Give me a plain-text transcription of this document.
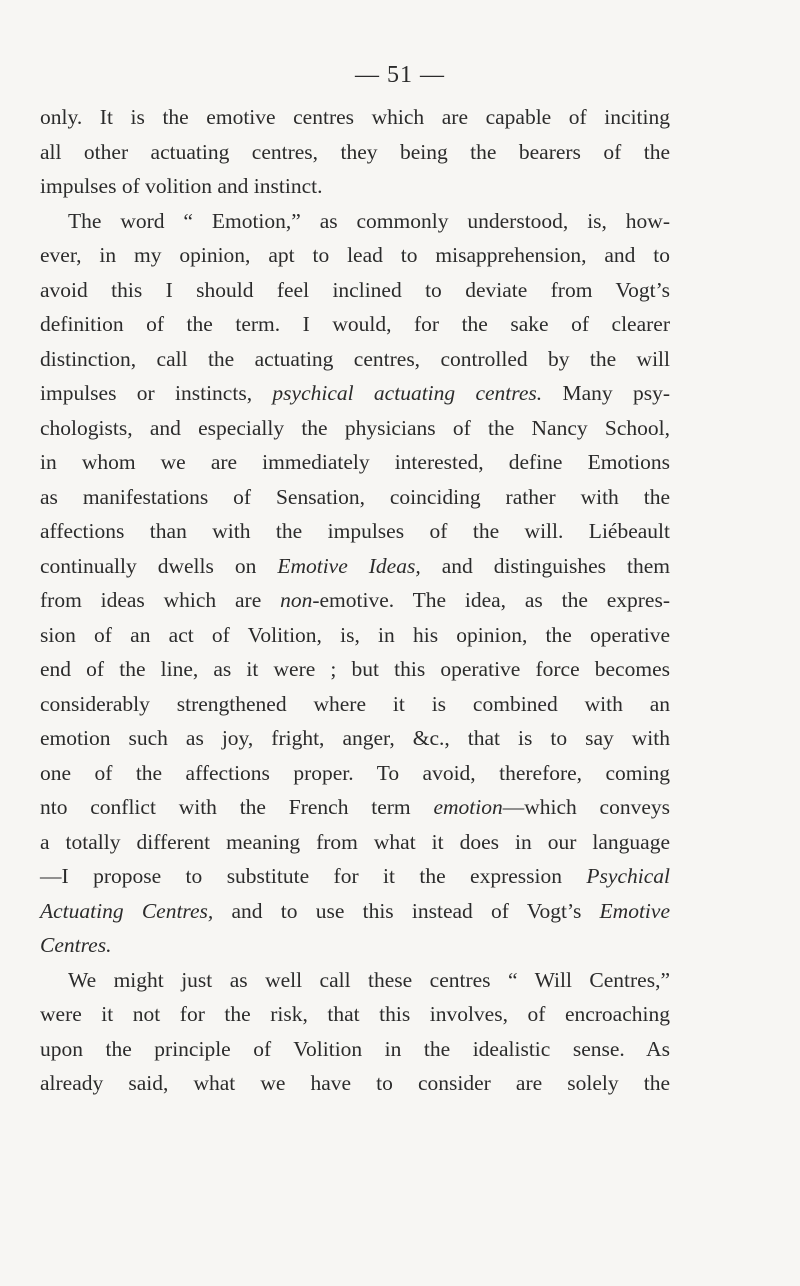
— 51 —
only. It is the emotive centres which are capable of inciting
all other actuating centres, they being the bearers of the
impulses of volition and instinct.
The word “ Emotion,” as commonly understood, is, how-
ever, in my opinion, apt to lead to misapprehension, and to
avoid this I should feel inclined to deviate from Vogt’s
definition of the term. I would, for the sake of clearer
distinction, call the actuating centres, controlled by the will
impulses or instincts, psychical actuating centres. Many psy-
chologists, and especially the physicians of the Nancy School,
in whom we are immediately interested, define Emotions
as manifestations of Sensation, coinciding rather with the
affections than with the impulses of the will. Liébeault
continually dwells on Emotive Ideas, and distinguishes them
from ideas which are non-emotive. The idea, as the expres-
sion of an act of Volition, is, in his opinion, the operative
end of the line, as it were ; but this operative force becomes
considerably strengthened where it is combined with an
emotion such as joy, fright, anger, &c., that is to say with
one of the affections proper. To avoid, therefore, coming
nto conflict with the French term emotion—which conveys
a totally different meaning from what it does in our language
—I propose to substitute for it the expression Psychical
Actuating Centres, and to use this instead of Vogt’s Emotive
Centres.
We might just as well call these centres “ Will Centres,”
were it not for the risk, that this involves, of encroaching
upon the principle of Volition in the idealistic sense. As
already said, what we have to consider are solely the
